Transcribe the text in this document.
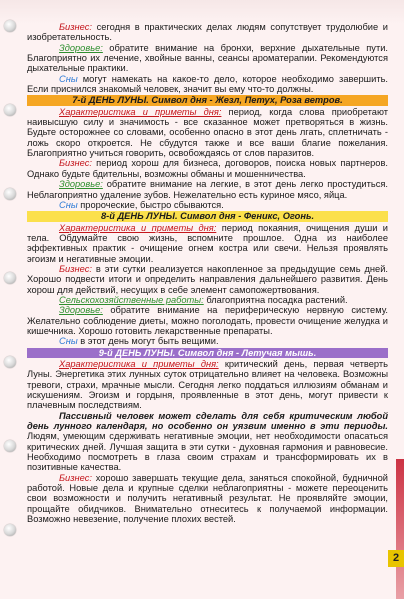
Бизнес: сегодня в практических делах людям сопутствует трудолюбие и изобретательность.

Здоровье: обратите внимание на бронхи, верхние дыхательные пути. Благоприятно их лечение, хвойные ванны, сеансы ароматерапии. Рекомендуются дыхательные практики.

Сны могут намекать на какое-то дело, которое необходимо завершить. Если приснился знакомый человек, значит вы ему что-то должны.

7-й ДЕНЬ ЛУНЫ. Символ дня - Жезл, Петух, Роза ветров.

Характеристика и приметы дня: период, когда слова приобретают наивысшую силу и значимость - все сказанное может претворяться в жизнь. Будьте осторожнее со словами, особенно опасно в этот день лгать, сплетничать - ложь скоро откроется. Не сбудутся также и все ваши благие пожелания. Благоприятно учиться говорить, освобождаясь от слов паразитов.

Бизнес: период хорош для бизнеса, договоров, поиска новых партнеров. Однако будьте бдительны, возможны обманы и мошенничества.

Здоровье: обратите внимание на легкие, в этот день легко простудиться. Неблагоприятно удаление зубов. Нежелательно есть куриное мясо, яйца.

Сны пророческие, быстро сбываются.

8-й ДЕНЬ ЛУНЫ. Символ дня - Феникс, Огонь.

Характеристика и приметы дня: период покаяния, очищения души и тела. Обдумайте свою жизнь, вспомните прошлое. Одна из наиболее эффективных практик - очищение огнем костра или свечи. Нельзя проявлять эгоизм и негативные эмоции.

Бизнес: в эти сутки реализуется накопленное за предыдущие семь дней. Хорошо подвести итоги и определить направления дальнейшего развития. День хорош для действий, несущих в себе элемент самопожертвования.

Сельскохозяйственные работы: благоприятна посадка растений.

Здоровье: обратите внимание на периферическую нервную систему. Желательно соблюдение диеты, можно поголодать, провести очищение желудка и кишечника. Хорошо готовить лекарственные препараты.

Сны в этот день могут быть вещими.

9-й ДЕНЬ ЛУНЫ. Символ дня - Летучая мышь.

Характеристика и приметы дня: критический день, первая четверть Луны. Энергетика этих лунных суток отрицательно влияет на человека. Возможны тревоги, страхи, мрачные мысли. Сегодня легко поддаться иллюзиям обманам и искушениям. Эгоизм и гордыня, проявленные в этот день, могут привести к плачевным последствиям.

Пассивный человек может сделать для себя критическим любой день лунного календаря, но особенно он уязвим именно в эти периоды. Людям, умеющим сдерживать негативные эмоции, нет необходимости опасаться критических дней. Лучшая защита в эти сутки - духовная гармония и равновесие. Необходимо посмотреть в глаза своим страхам и трансформировать их в позитивные качества.

Бизнес: хорошо завершать текущие дела, заняться спокойной, будничной работой. Новые дела и крупные сделки неблагоприятны - можете переоценить свои возможности и получить негативный результат. Не проявляйте эмоции, прощайте обидчиков. Внимательно отнеситесь к получаемой информации. Возможно невезение, получение плохих вестей.

2
